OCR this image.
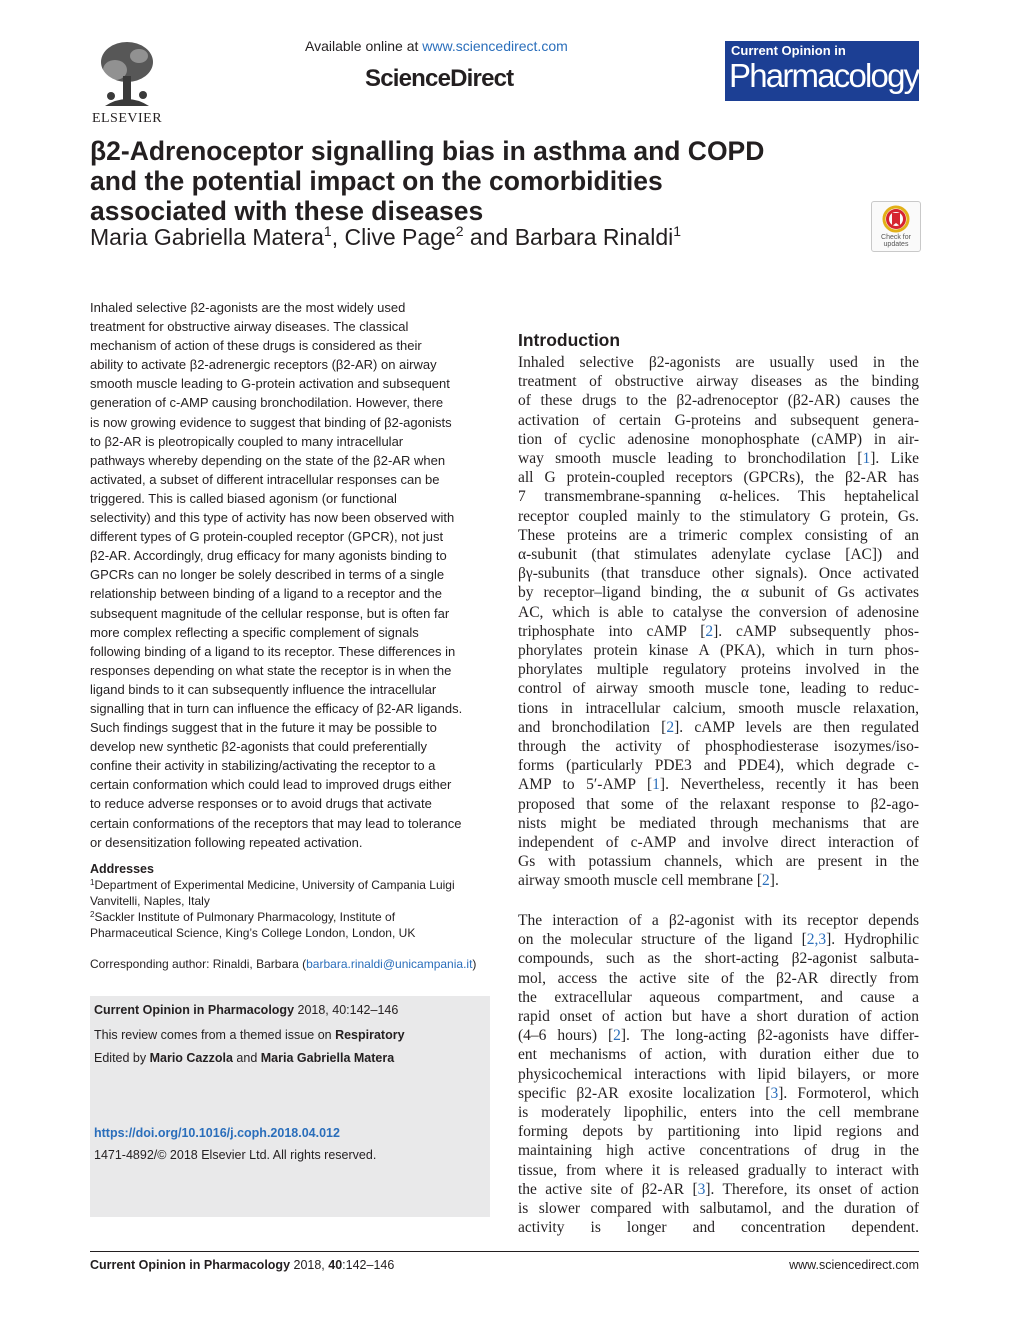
ELSEVIER
Available online at www.sciencedirect.com
ScienceDirect
Current Opinion in
Pharmacology
β2-Adrenoceptor signalling bias in asthma and COPD
and the potential impact on the comorbidities
associated with these diseases
Maria Gabriella Matera$^1$, Clive Page$^2$ and Barbara Rinaldi$^1$	Check for
updates
Inhaled selective β2-agonists are the most widely used
treatment for obstructive airway diseases. The classical
mechanism of action of these drugs is considered as their
ability to activate β2-adrenergic receptors (β2-AR) on airway
smooth muscle leading to G-protein activation and subsequent
generation of c-AMP causing bronchodilation. However, there
is now growing evidence to suggest that binding of β2-agonists
to β2-AR is pleotropically coupled to many intracellular
pathways whereby depending on the state of the β2-AR when
activated, a subset of different intracellular responses can be
triggered. This is called biased agonism (or functional
selectivity) and this type of activity has now been observed with
different types of G protein-coupled receptor (GPCR), not just
β2-AR. Accordingly, drug efficacy for many agonists binding to
GPCRs can no longer be solely described in terms of a single
relationship between binding of a ligand to a receptor and the
subsequent magnitude of the cellular response, but is often far
more complex reflecting a specific complement of signals
following binding of a ligand to its receptor. These differences in
responses depending on what state the receptor is in when the
ligand binds to it can subsequently influence the intracellular
signalling that in turn can influence the efficacy of β2-AR ligands.
Such findings suggest that in the future it may be possible to
develop new synthetic β2-agonists that could preferentially
confine their activity in stabilizing/activating the receptor to a
certain conformation which could lead to improved drugs either
to reduce adverse responses or to avoid drugs that activate
certain conformations of the receptors that may lead to tolerance
or desensitization following repeated activation.
Addresses
$^1$Department of Experimental Medicine, University of Campania Luigi
Vanvitelli, Naples, Italy
$^2$Sackler Institute of Pulmonary Pharmacology, Institute of
Pharmaceutical Science, King’s College London, London, UK
Corresponding author: Rinaldi, Barbara (barbara.rinaldi@unicampania.it)
Current Opinion in Pharmacology 2018, 40:142–146
This review comes from a themed issue on Respiratory
Edited by Mario Cazzola and Maria Gabriella Matera
https://doi.org/10.1016/j.coph.2018.04.012
1471-4892/© 2018 Elsevier Ltd. All rights reserved.
Introduction
Inhaled selective β2-agonists are usually used in the
treatment of obstructive airway diseases as the binding
of these drugs to the β2-adrenoceptor (β2-AR) causes the
activation of certain G-proteins and subsequent genera-
tion of cyclic adenosine monophosphate (cAMP) in air-
way smooth muscle leading to bronchodilation [1]. Like
all G protein-coupled receptors (GPCRs), the β2-AR has
7 transmembrane-spanning α-helices. This heptahelical
receptor coupled mainly to the stimulatory G protein, Gs.
These proteins are a trimeric complex consisting of an
α-subunit (that stimulates adenylate cyclase [AC]) and
βγ-subunits (that transduce other signals). Once activated
by receptor–ligand binding, the α subunit of Gs activates
AC, which is able to catalyse the conversion of adenosine
triphosphate into cAMP [2]. cAMP subsequently phos-
phorylates protein kinase A (PKA), which in turn phos-
phorylates multiple regulatory proteins involved in the
control of airway smooth muscle tone, leading to reduc-
tions in intracellular calcium, smooth muscle relaxation,
and bronchodilation [2]. cAMP levels are then regulated
through the activity of phosphodiesterase isozymes/iso-
forms (particularly PDE3 and PDE4), which degrade c-
AMP to 5′-AMP [1]. Nevertheless, recently it has been
proposed that some of the relaxant response to β2-ago-
nists might be mediated through mechanisms that are
independent of c-AMP and involve direct interaction of
Gs with potassium channels, which are present in the
airway smooth muscle cell membrane [2].
The interaction of a β2-agonist with its receptor depends
on the molecular structure of the ligand [2,3]. Hydrophilic
compounds, such as the short-acting β2-agonist salbuta-
mol, access the active site of the β2-AR directly from
the extracellular aqueous compartment, and cause a
rapid onset of action but have a short duration of action
(4–6 hours) [2]. The long-acting β2-agonists have differ-
ent mechanisms of action, with duration either due to
physicochemical interactions with lipid bilayers, or more
specific β2-AR exosite localization [3]. Formoterol, which
is moderately lipophilic, enters into the cell membrane
forming depots by partitioning into lipid regions and
maintaining high active concentrations of drug in the
tissue, from where it is released gradually to interact with
the active site of β2-AR [3]. Therefore, its onset of action
is slower compared with salbutamol, and the duration of
activity is longer and concentration dependent.
Current Opinion in Pharmacology 2018, 40:142–146	www.sciencedirect.com
